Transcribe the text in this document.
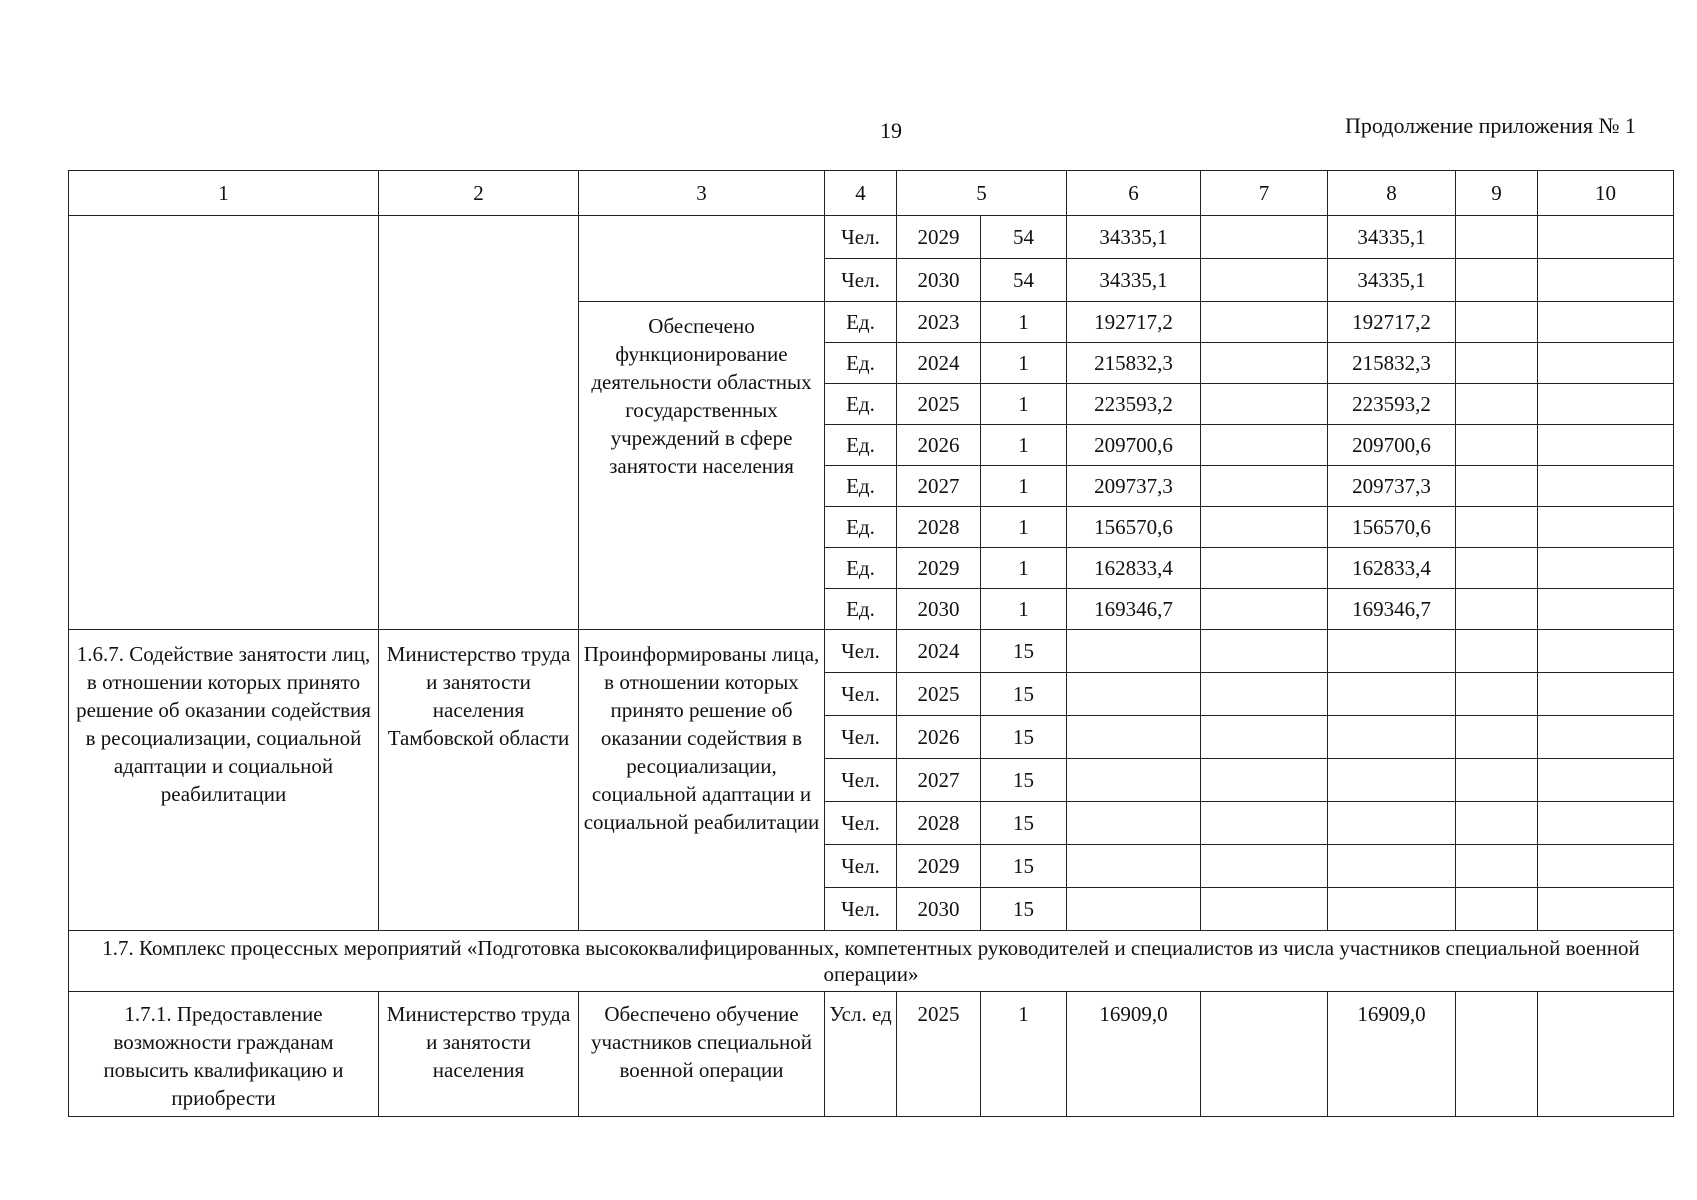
19	Продолжение приложения № 1
1	2	3	4	5		6	7	8	9	10
			Чел.	2029	54	34335,1		34335,1		
			Чел.	2030	54	34335,1		34335,1		
		Обеспечено функционирование деятельности областных государственных учреждений в сфере занятости населения	Ед.	2023	1	192717,2		192717,2		
			Ед.	2024	1	215832,3		215832,3		
			Ед.	2025	1	223593,2		223593,2		
			Ед.	2026	1	209700,6		209700,6		
			Ед.	2027	1	209737,3		209737,3		
			Ед.	2028	1	156570,6		156570,6		
			Ед.	2029	1	162833,4		162833,4		
			Ед.	2030	1	169346,7		169346,7		
1.6.7. Содействие занятости лиц, в отношении которых принято решение об оказании содействия в ресоциализации, социальной адаптации и социальной реабилитации	Министерство труда и занятости населения Тамбовской области	Проинформированы лица, в отношении которых принято решение об оказании содействия в ресоциализации, социальной адаптации и социальной реабилитации	Чел.	2024	15					
			Чел.	2025	15					
			Чел.	2026	15					
			Чел.	2027	15					
			Чел.	2028	15					
			Чел.	2029	15					
			Чел.	2030	15					
1.7. Комплекс процессных мероприятий «Подготовка высококвалифицированных, компетентных руководителей и специалистов из числа участников специальной военной операции»										
1.7.1. Предоставление возможности гражданам повысить квалификацию и приобрести	Министерство труда и занятости населения	Обеспечено обучение участников специальной военной операции	Усл. ед	2025	1	16909,0		16909,0		
